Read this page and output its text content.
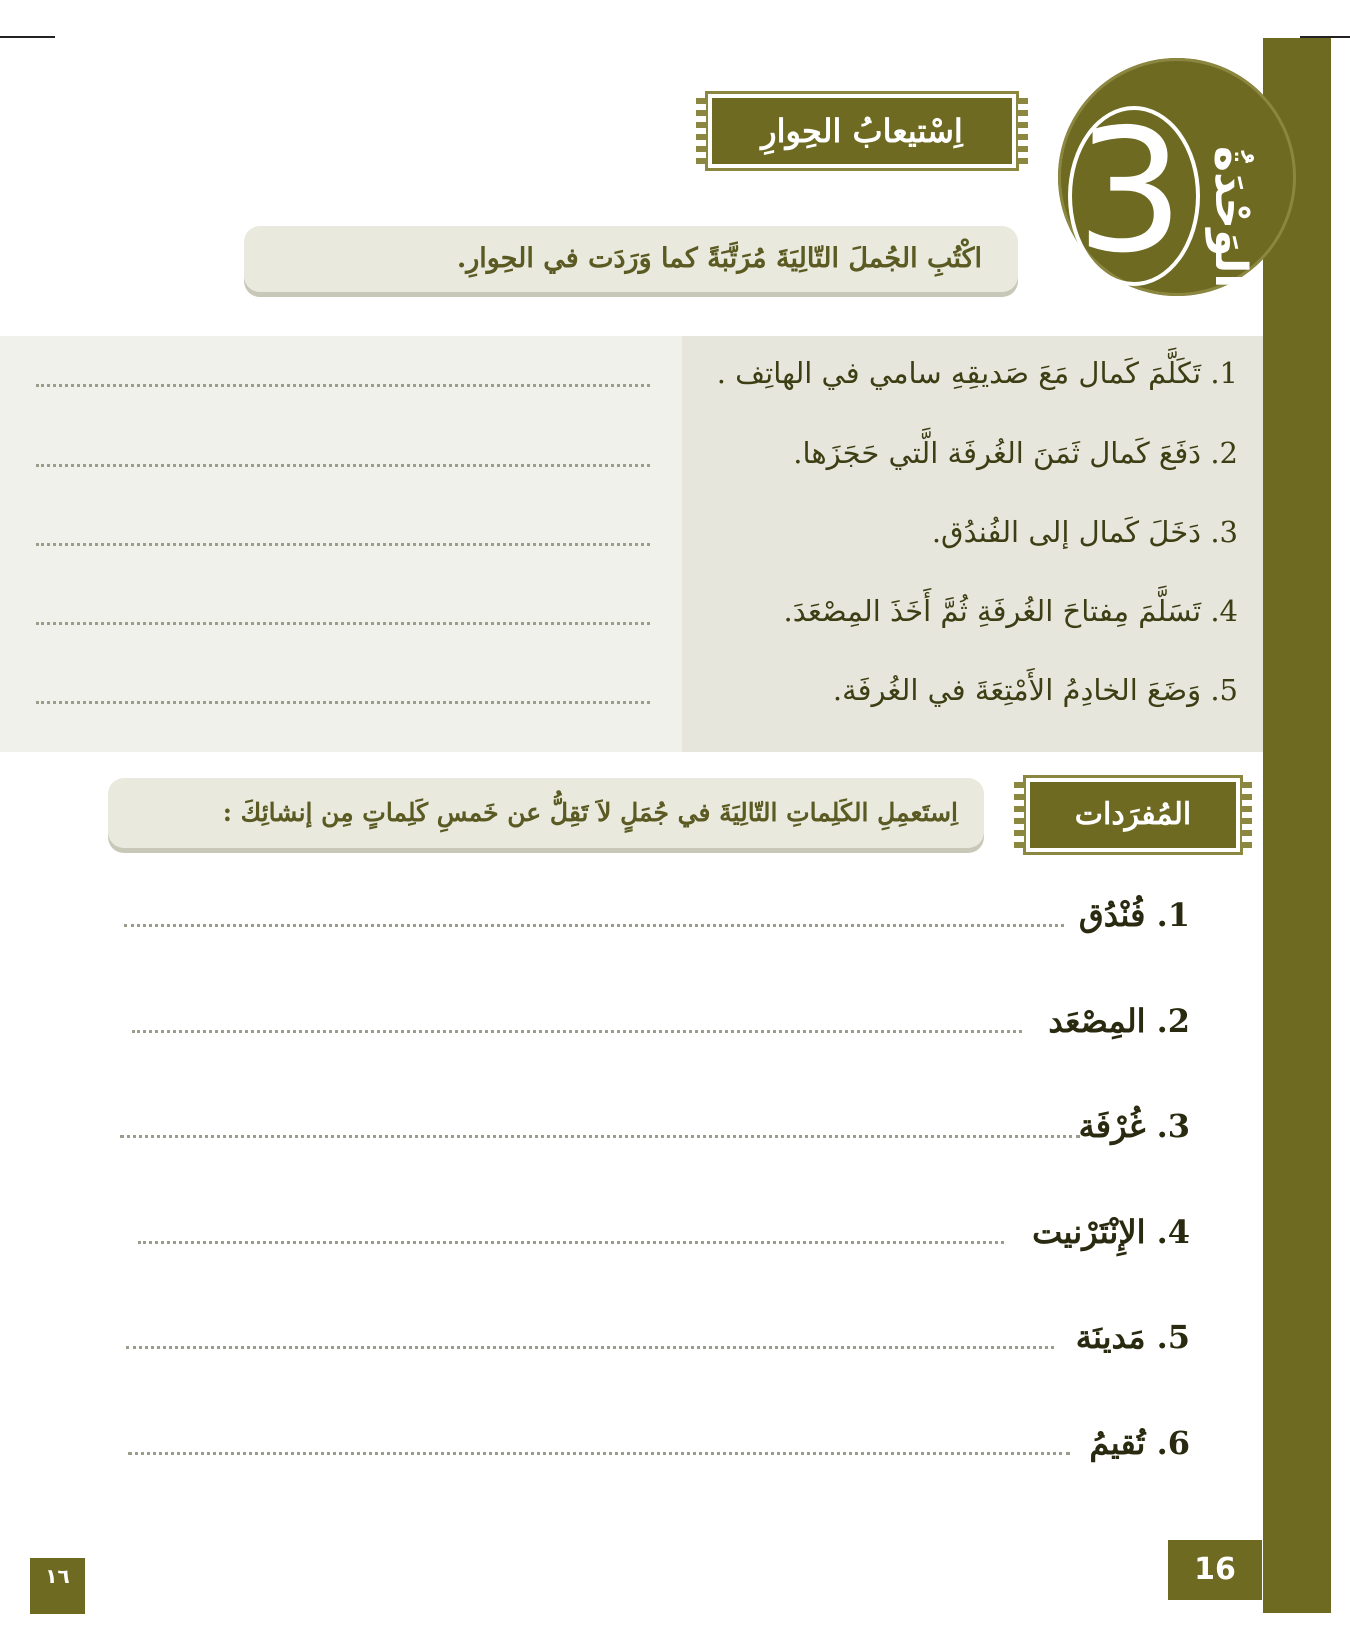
3 الوَحْدَةُ
اِسْتيعابُ الحِوارِ
اكْتُبِ الجُملَ التّالِيَةَ مُرَتَّبَةً كما وَرَدَت في الحِوارِ.
1. تَكَلَّمَ كَمال مَعَ صَديقِهِ سامي في الهاتِف .
2. دَفَعَ كَمال ثَمَنَ الغُرفَة الَّتي حَجَزَها.
3. دَخَلَ كَمال إلى الفُندُق.
4. تَسَلَّمَ مِفتاحَ الغُرفَةِ ثُمَّ أَخَذَ المِصْعَدَ.
5. وَضَعَ الخادِمُ الأَمْتِعَةَ في الغُرفَة.
المُفرَدات
اِستَعمِلِ الكَلِماتِ التّالِيَةَ في جُمَلٍ لاَ تَقِلُّ عن خَمسِ كَلِماتٍ مِن إنشائِكَ :
1. فُنْدُق
2. المِصْعَد
3. غُرْفَة
4. الإِنْتَرْنيت
5. مَدينَة
6. تُقيمُ
16
١٦
